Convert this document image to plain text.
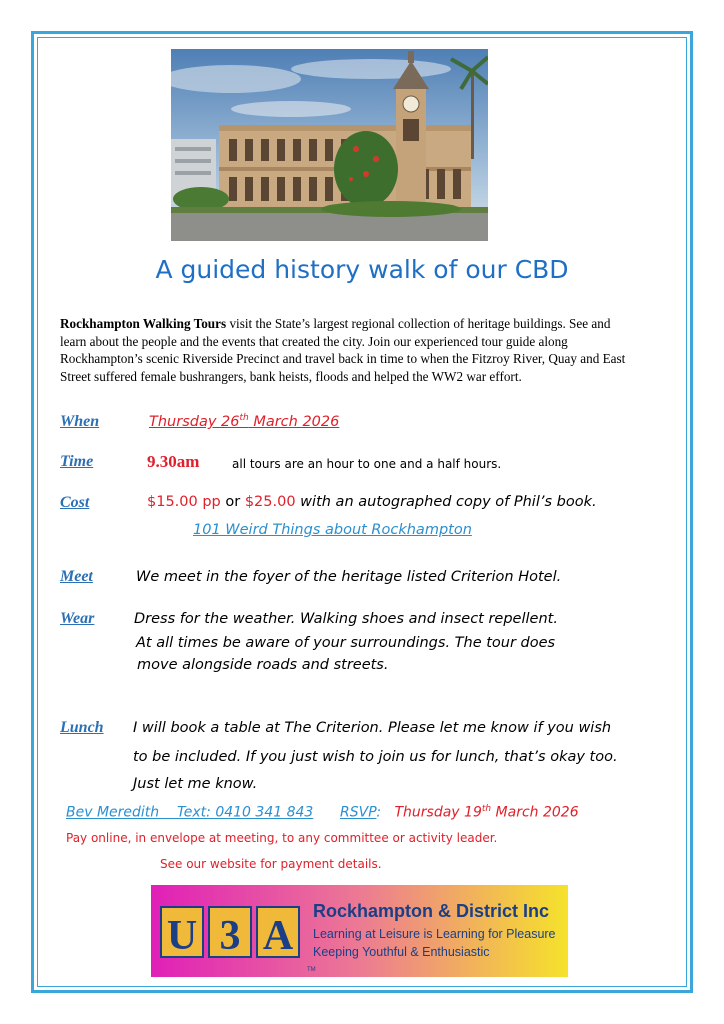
A guided history walk of our CBD
Rockhampton Walking Tours visit the State’s largest regional collection of heritage buildings. See and
learn about the people and the events that created the city. Join our experienced tour guide along
Rockhampton’s scenic Riverside Precinct and travel back in time to when the Fitzroy River, Quay and East
Street suffered female bushrangers, bank heists, floods and helped the WW2 war effort.
When	Thursday 26th March 2026
Time	9.30am	all tours are an hour to one and a half hours.
Cost	$15.00 pp or $25.00 with an autographed copy of Phil’s book.
101 Weird Things about Rockhampton
Meet	We meet in the foyer of the heritage listed Criterion Hotel.
Wear	Dress for the weather. Walking shoes and insect repellent.
At all times be aware of your surroundings. The tour does
move alongside roads and streets.
Lunch I will book a table at The Criterion. Please let me know if you wish
to be included. If you just wish to join us for lunch, that’s okay too.
Just let me know.
Bev Meredith    Text: 0410 341 843 RSVP: Thursday 19th March 2026
Pay online, in envelope at meeting, to any committee or activity leader.
See our website for payment details.
U 3 A
Rockhampton & District Inc
Learning at Leisure is Learning for Pleasure
Keeping Youthful & Enthusiastic
TM
